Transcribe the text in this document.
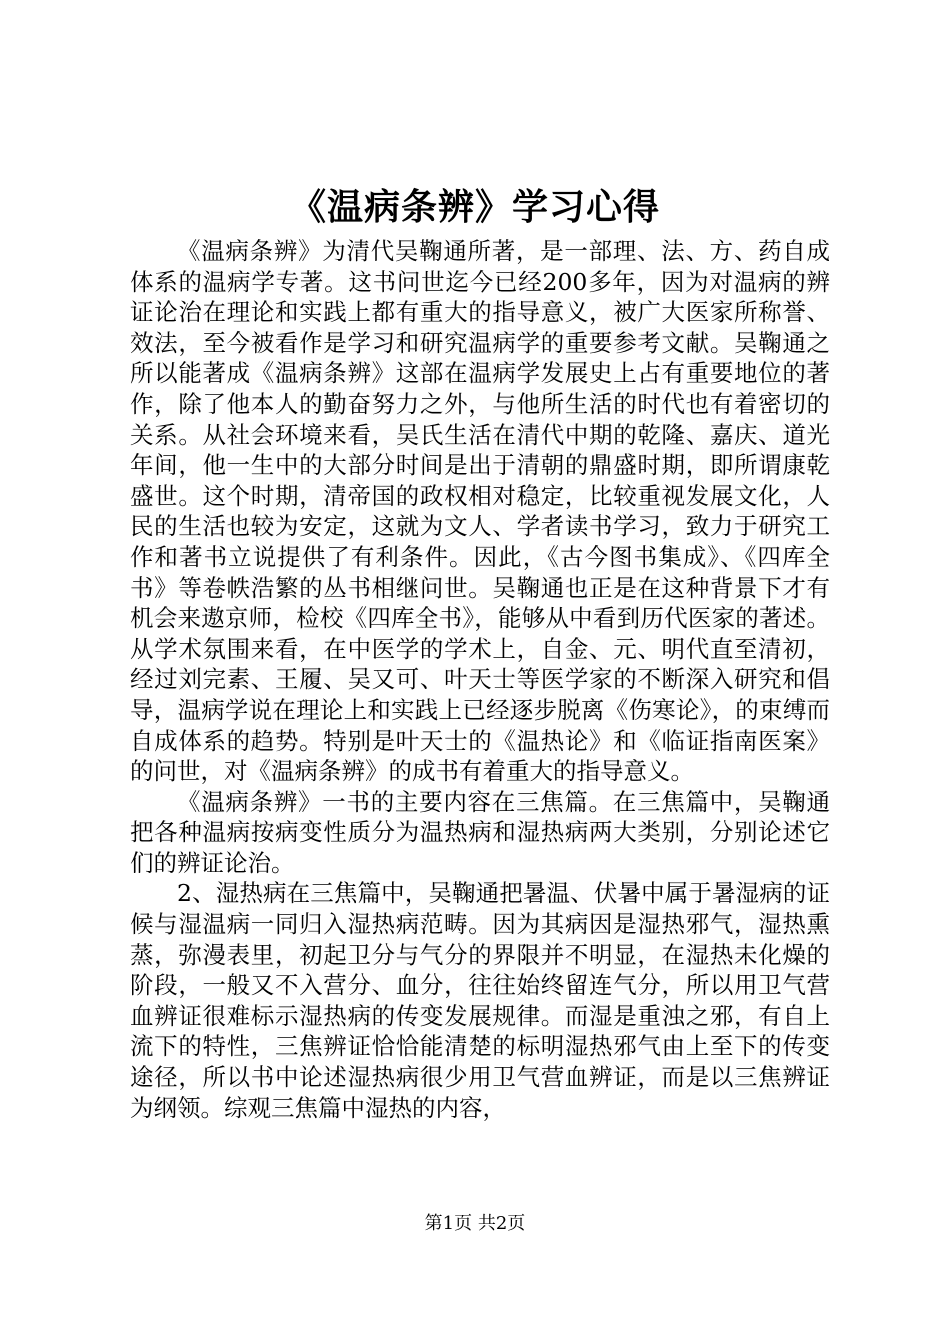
《温病条辨》学习心得

《温病条辨》为清代吴鞠通所著，是一部理、法、方、药自成体系的温病学专著。这书问世迄今已经200多年，因为对温病的辨证论治在理论和实践上都有重大的指导意义，被广大医家所称誉、效法，至今被看作是学习和研究温病学的重要参考文献。吴鞠通之所以能著成《温病条辨》这部在温病学发展史上占有重要地位的著作，除了他本人的勤奋努力之外，与他所生活的时代也有着密切的关系。从社会环境来看，吴氏生活在清代中期的乾隆、嘉庆、道光年间，他一生中的大部分时间是出于清朝的鼎盛时期，即所谓康乾盛世。这个时期，清帝国的政权相对稳定，比较重视发展文化，人民的生活也较为安定，这就为文人、学者读书学习，致力于研究工作和著书立说提供了有利条件。因此，《古今图书集成》、《四库全书》等卷帙浩繁的丛书相继问世。吴鞠通也正是在这种背景下才有机会来遨京师，检校《四库全书》，能够从中看到历代医家的著述。从学术氛围来看，在中医学的学术上，自金、元、明代直至清初，经过刘完素、王履、吴又可、叶天士等医学家的不断深入研究和倡导，温病学说在理论上和实践上已经逐步脱离《伤寒论》，的束缚而自成体系的趋势。特别是叶天士的《温热论》和《临证指南医案》的问世，对《温病条辨》的成书有着重大的指导意义。

《温病条辨》一书的主要内容在三焦篇。在三焦篇中，吴鞠通把各种温病按病变性质分为温热病和湿热病两大类别，分别论述它们的辨证论治。

2、湿热病在三焦篇中，吴鞠通把暑温、伏暑中属于暑湿病的证候与湿温病一同归入湿热病范畴。因为其病因是湿热邪气，湿热熏蒸，弥漫表里，初起卫分与气分的界限并不明显，在湿热未化燥的阶段，一般又不入营分、血分，往往始终留连气分，所以用卫气营血辨证很难标示湿热病的传变发展规律。而湿是重浊之邪，有自上流下的特性，三焦辨证恰恰能清楚的标明湿热邪气由上至下的传变途径，所以书中论述湿热病很少用卫气营血辨证，而是以三焦辨证为纲领。综观三焦篇中湿热的内容，

第1页 共2页
